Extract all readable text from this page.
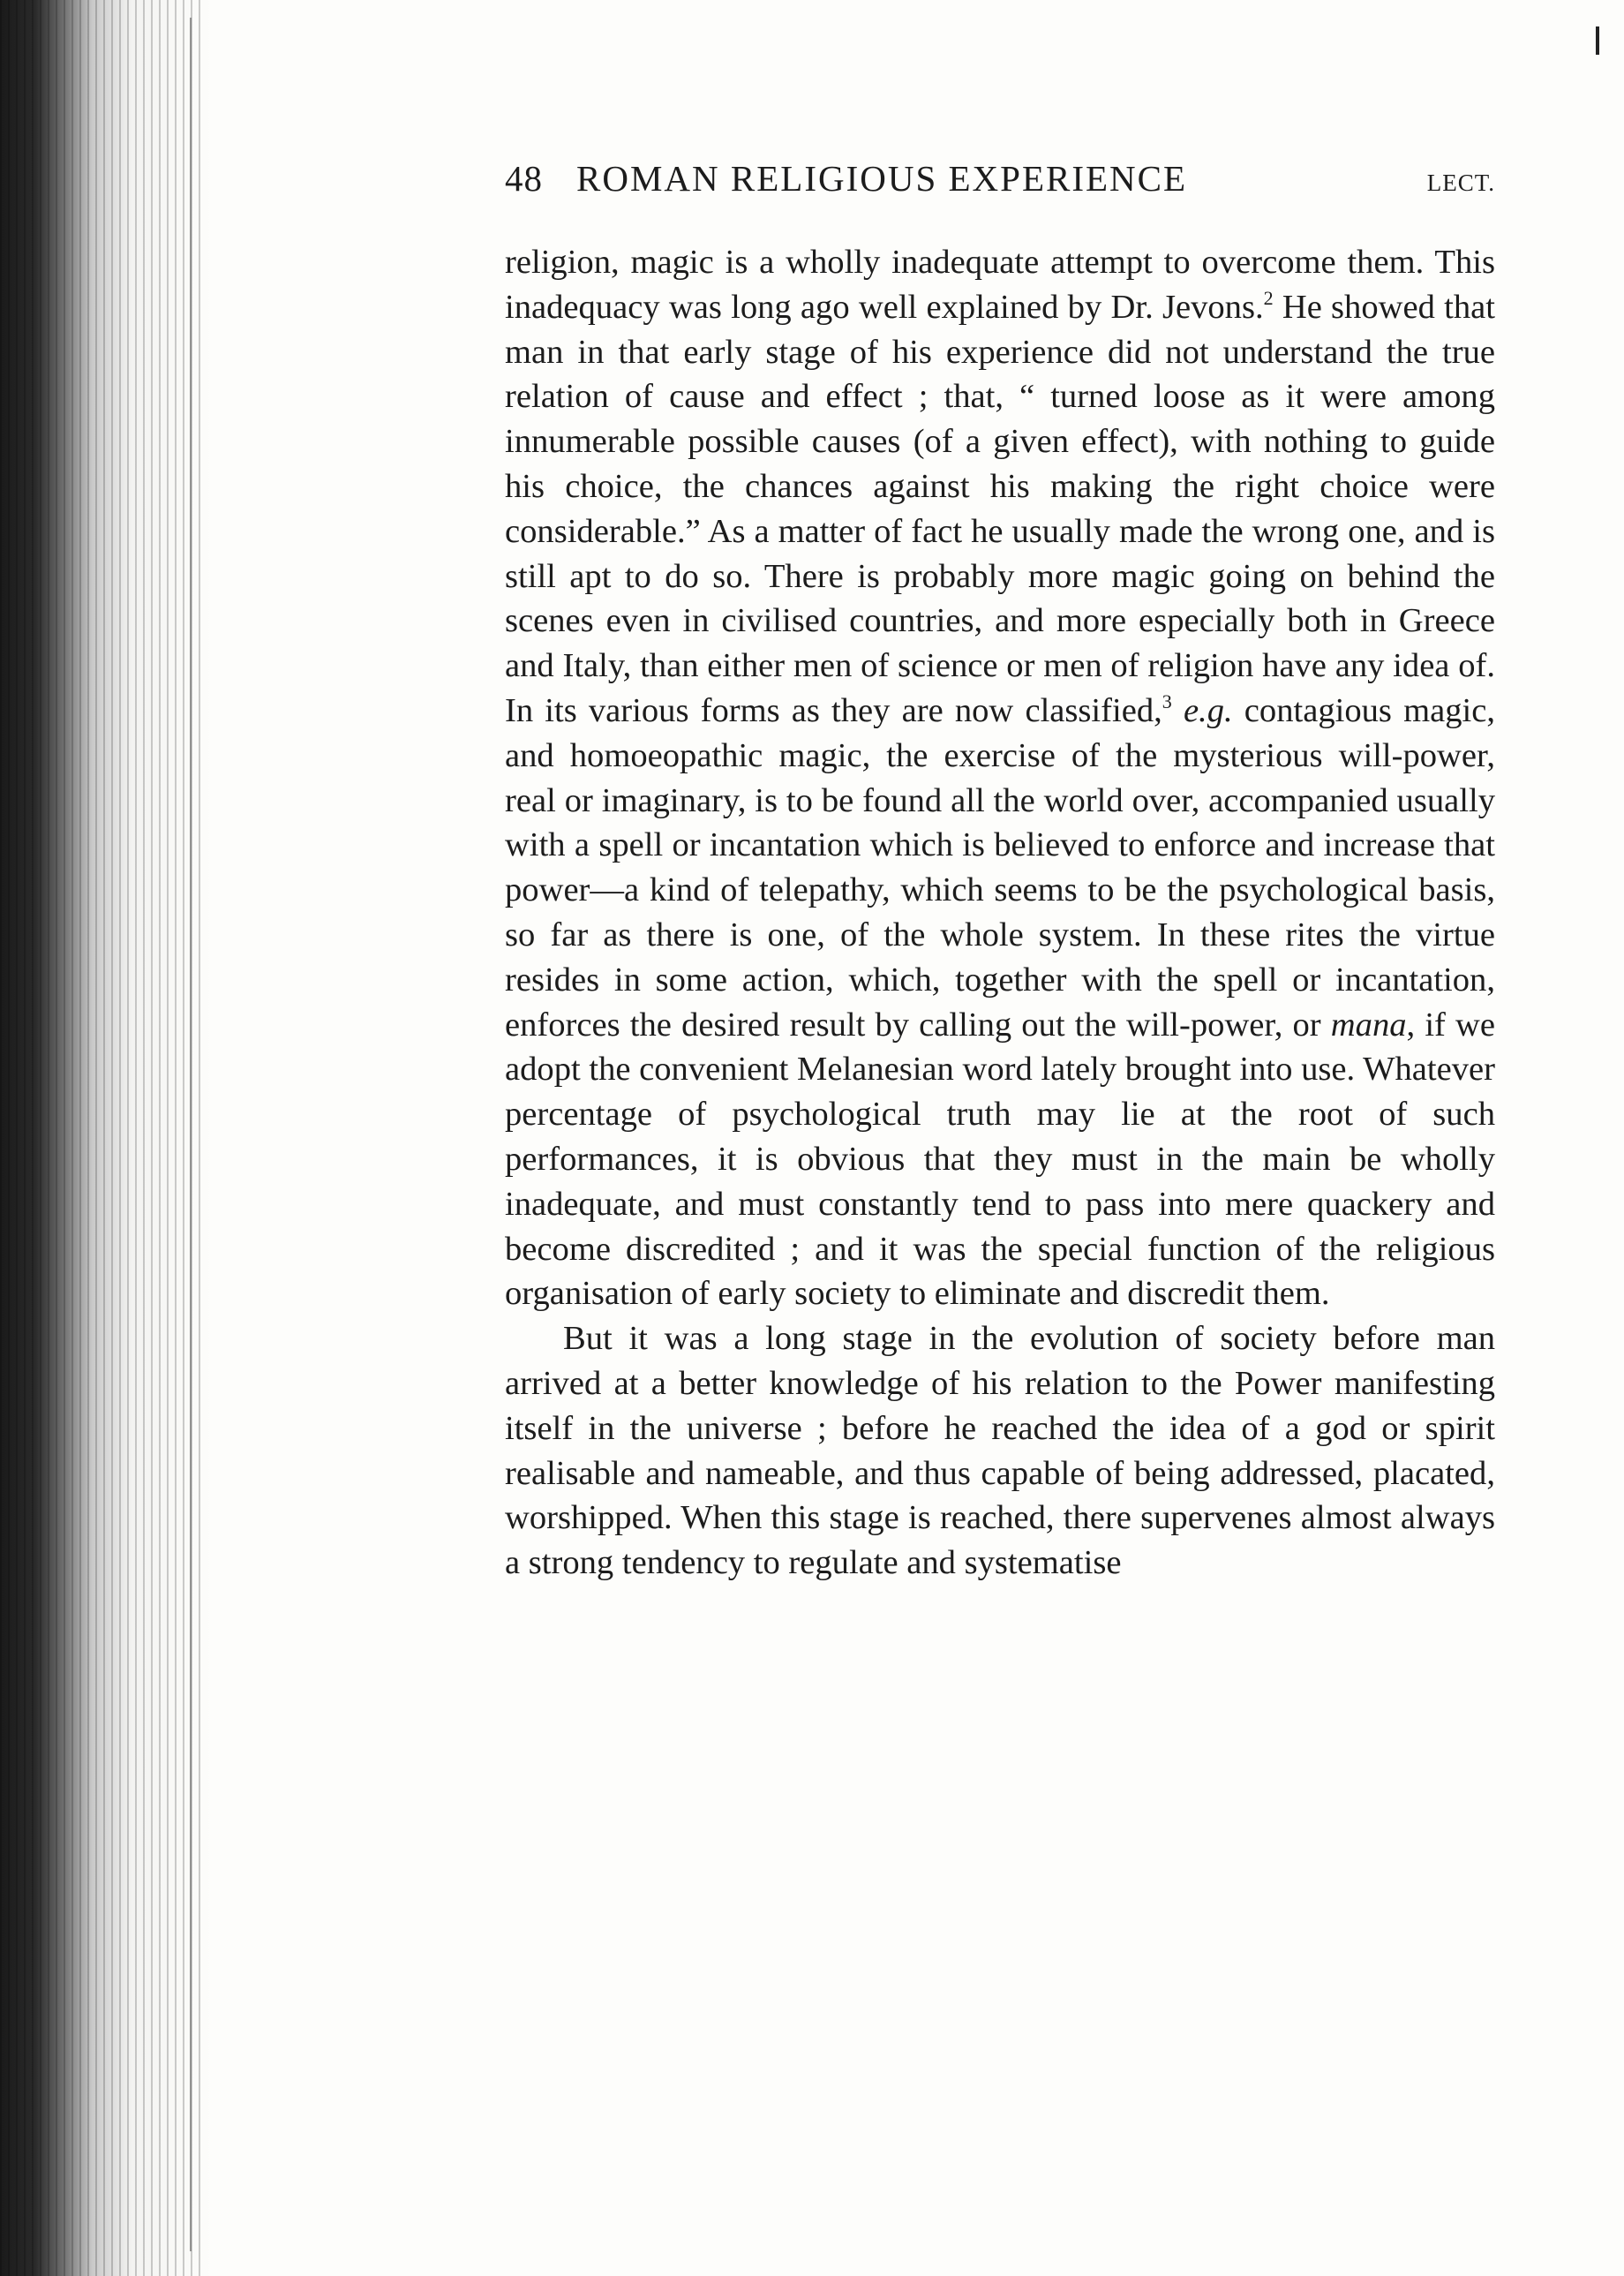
48 ROMAN RELIGIOUS EXPERIENCE	LECT.

religion, magic is a wholly inadequate attempt to overcome them. This inadequacy was long ago well explained by Dr. Jevons.$^2$ He showed that man in that early stage of his experience did not understand the true relation of cause and effect ; that, “ turned loose as it were among innumerable possible causes (of a given effect), with nothing to guide his choice, the chances against his making the right choice were considerable.” As a matter of fact he usually made the wrong one, and is still apt to do so. There is probably more magic going on behind the scenes even in civilised countries, and more especially both in Greece and Italy, than either men of science or men of religion have any idea of. In its various forms as they are now classified,$^3$ e.g. contagious magic, and homoeopathic magic, the exercise of the mysterious will-power, real or imaginary, is to be found all the world over, accompanied usually with a spell or incantation which is believed to enforce and increase that power—a kind of telepathy, which seems to be the psychological basis, so far as there is one, of the whole system. In these rites the virtue resides in some action, which, together with the spell or incantation, enforces the desired result by calling out the will-power, or mana, if we adopt the convenient Melanesian word lately brought into use. Whatever percentage of psychological truth may lie at the root of such performances, it is obvious that they must in the main be wholly inadequate, and must constantly tend to pass into mere quackery and become discredited ; and it was the special function of the religious organisation of early society to eliminate and discredit them.

But it was a long stage in the evolution of society before man arrived at a better knowledge of his relation to the Power manifesting itself in the universe ; before he reached the idea of a god or spirit realisable and nameable, and thus capable of being addressed, placated, worshipped. When this stage is reached, there supervenes almost always a strong tendency to regulate and systematise
